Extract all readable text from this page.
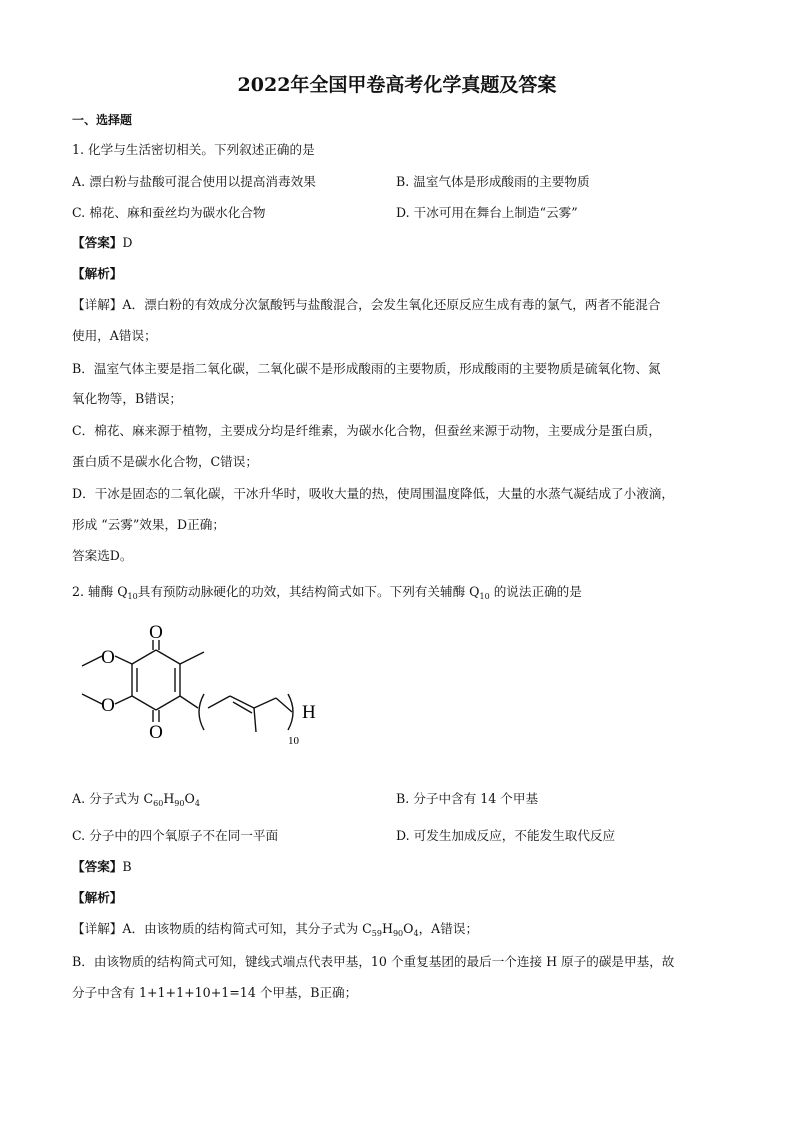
2022年全国甲卷高考化学真题及答案
一、选择题
1. 化学与生活密切相关。下列叙述正确的是
A. 漂白粉与盐酸可混合使用以提高消毒效果	B. 温室气体是形成酸雨的主要物质
C. 棉花、麻和蚕丝均为碳水化合物	D. 干冰可用在舞台上制造“云雾”
【答案】D
【解析】
【详解】A．漂白粉的有效成分次氯酸钙与盐酸混合，会发生氧化还原反应生成有毒的氯气，两者不能混合
使用，A错误；
B．温室气体主要是指二氧化碳，二氧化碳不是形成酸雨的主要物质，形成酸雨的主要物质是硫氧化物、氮
氧化物等，B错误；
C．棉花、麻来源于植物，主要成分均是纤维素，为碳水化合物，但蚕丝来源于动物，主要成分是蛋白质，
蛋白质不是碳水化合物，C错误；
D．干冰是固态的二氧化碳，干冰升华时，吸收大量的热，使周围温度降低，大量的水蒸气凝结成了小液滴，
形成 “云雾”效果，D正确；
答案选D。
2. 辅酶 $Q_{10}$具有预防动脉硬化的功效，其结构简式如下。下列有关辅酶 $Q_{10}$ 的说法正确的是
O
O
O
O	H
10
A. 分子式为 $C_{60}H_{90}O_4$	B. 分子中含有 14 个甲基
C. 分子中的四个氧原子不在同一平面	D. 可发生加成反应，不能发生取代反应
【答案】B
【解析】
【详解】A．由该物质的结构简式可知，其分子式为 $C_{59}H_{90}O_4$，A错误；
B．由该物质的结构简式可知，键线式端点代表甲基，10 个重复基团的最后一个连接 H 原子的碳是甲基，故
分子中含有 1+1+1+10+1=14 个甲基，B正确；
